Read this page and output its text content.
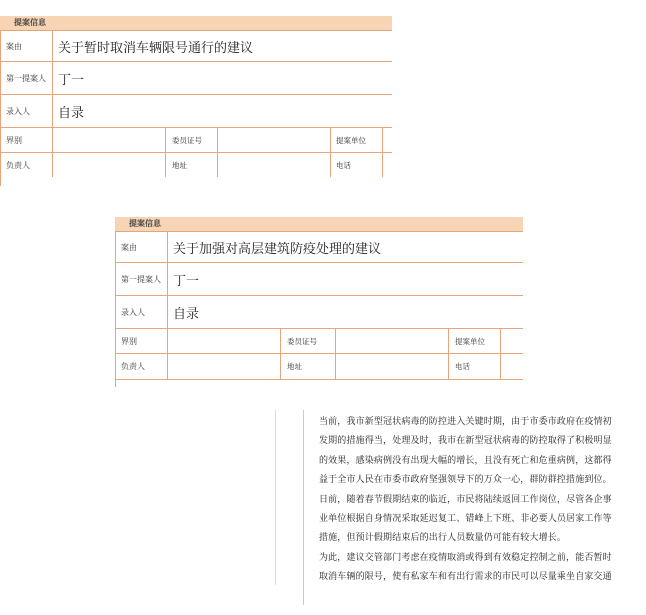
提案信息
案由	关于暂时取消车辆限号通行的建议
第一提案人 丁一
录入人 自录
界别	委员证号	提案单位
负责人	地址	电话
提案信息
案由	关于加强对高层建筑防疫处理的建议
第一提案人 丁一
录入人 自录
界别	委员证号	提案单位
负责人	地址	电话

当前，我市新型冠状病毒的防控进入关键时期，由于市委市政府在疫情初

发期的措施得当，处理及时，我市在新型冠状病毒的防控取得了积极明显

的效果，感染病例没有出现大幅的增长，且没有死亡和危重病例，这都得

益于全市人民在市委市政府坚强领导下的万众一心，群防群控措施到位。

日前，随着春节假期结束的临近，市民将陆续返回工作岗位，尽管各企事

业单位根据自身情况采取延迟复工、错峰上下班、非必要人员居家工作等

措施，但预计假期结束后的出行人员数量仍可能有较大增长。

为此，建议交管部门考虑在疫情取消或得到有效稳定控制之前，能否暂时

取消车辆的限号，使有私家车和有出行需求的市民可以尽量乘坐自家交通
